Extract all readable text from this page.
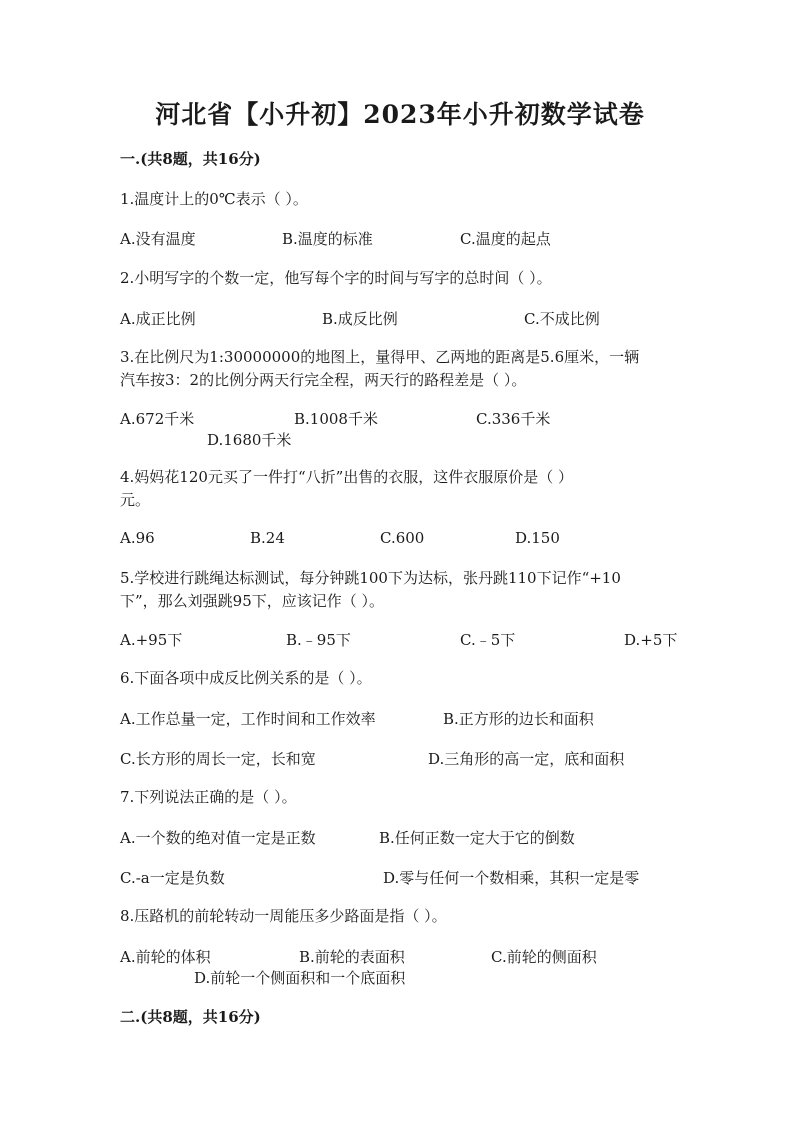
河北省【小升初】2023年小升初数学试卷
一.(共8题，共16分)
1.温度计上的0℃表示（ ）。
A.没有温度	B.温度的标准	C.温度的起点
2.小明写字的个数一定，他写每个字的时间与写字的总时间（ ）。
A.成正比例	B.成反比例	C.不成比例
3.在比例尺为1:30000000的地图上，量得甲、乙两地的距离是5.6厘米，一辆
汽车按3：2的比例分两天行完全程，两天行的路程差是（ ）。
A.672千米	B.1008千米	C.336千米
D.1680千米
4.妈妈花120元买了一件打“八折”出售的衣服，这件衣服原价是（ ）
元。
A.96	B.24	C.600	D.150
5.学校进行跳绳达标测试，每分钟跳100下为达标，张丹跳110下记作“+10
下”，那么刘强跳95下，应该记作（ ）。
A.+95下	B.﹣95下	C.﹣5下	D.+5下
6.下面各项中成反比例关系的是（ ）。
A.工作总量一定，工作时间和工作效率	B.正方形的边长和面积
C.长方形的周长一定，长和宽	D.三角形的高一定，底和面积
7.下列说法正确的是（ ）。
A.一个数的绝对值一定是正数	B.任何正数一定大于它的倒数
C.-a一定是负数	D.零与任何一个数相乘，其积一定是零
8.压路机的前轮转动一周能压多少路面是指（ ）。
A.前轮的体积	B.前轮的表面积	C.前轮的侧面积
D.前轮一个侧面积和一个底面积
二.(共8题，共16分)
